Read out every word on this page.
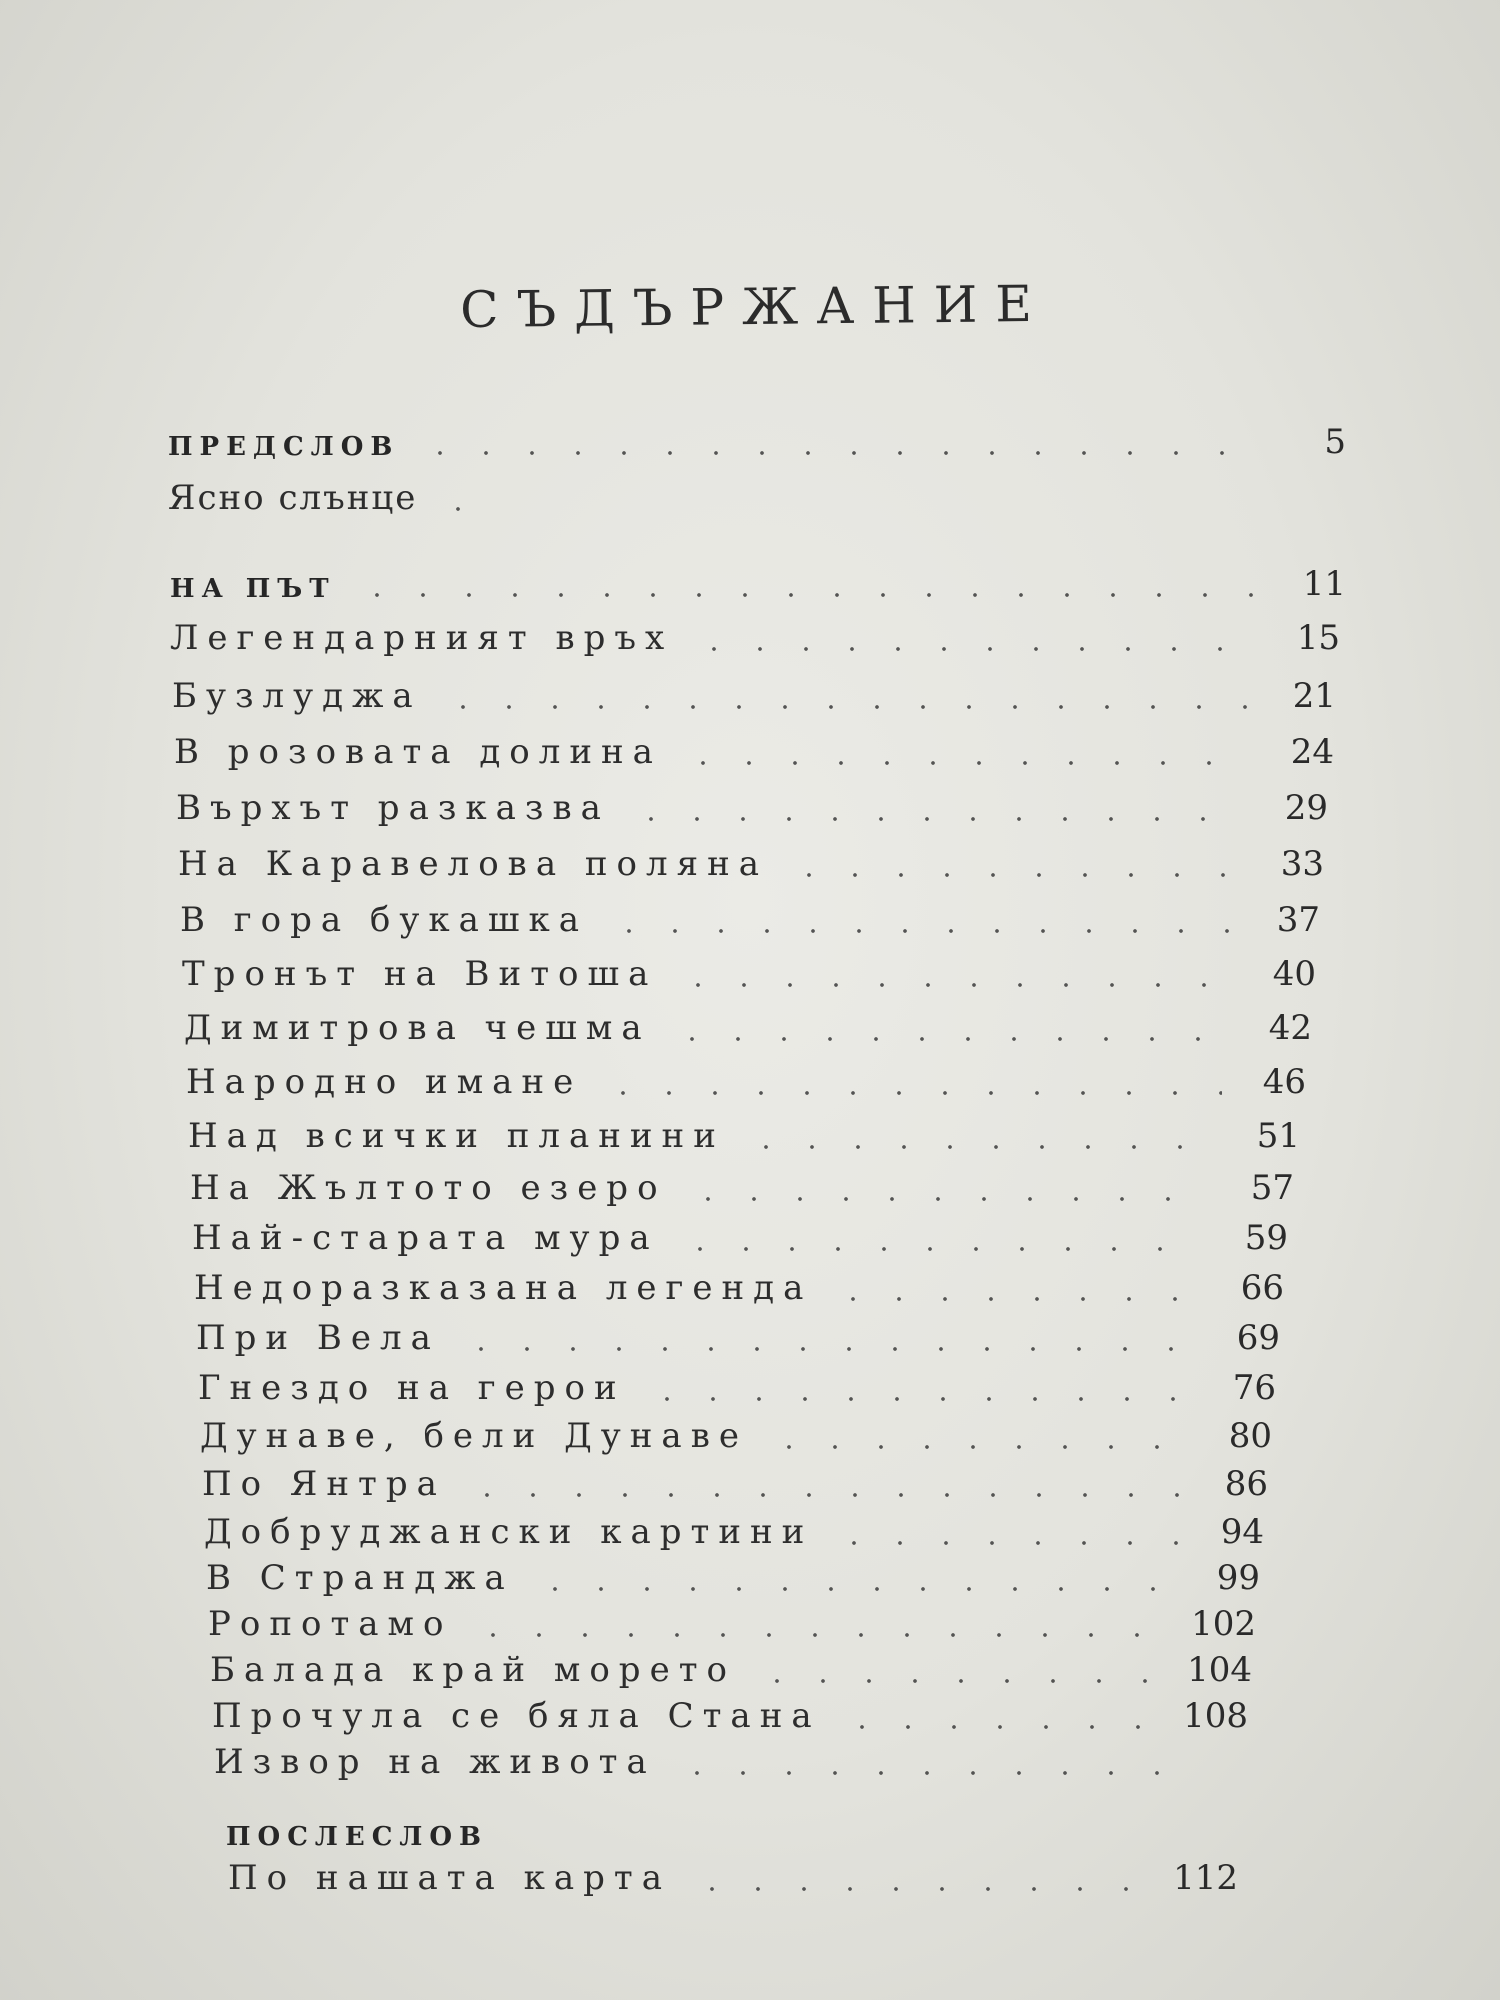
СЪДЪРЖАНИЕ
ПРЕДСЛОВ	5
Ясно слънце
НА ПЪТ	11
Легендарният връх	15
Бузлуджа	21
В розовата долина	24
Върхът разказва	29
На Каравелова поляна	33
В гора букашка	37
Тронът на Витоша	40
Димитрова чешма	42
Народно имане	46
Над всички планини	51
На Жълтото езеро	57
Най-старата мура	59
Недоразказана легенда	66
При Вела	69
Гнездо на герои	76
Дунаве, бели Дунаве	80
По Янтра	86
Добруджански картини	94
В Странджа	99
Ропотамо	102
Балада край морето	104
Прочула се бяла Стана	108
Извор на живота
ПОСЛЕСЛОВ
По нашата карта	112
